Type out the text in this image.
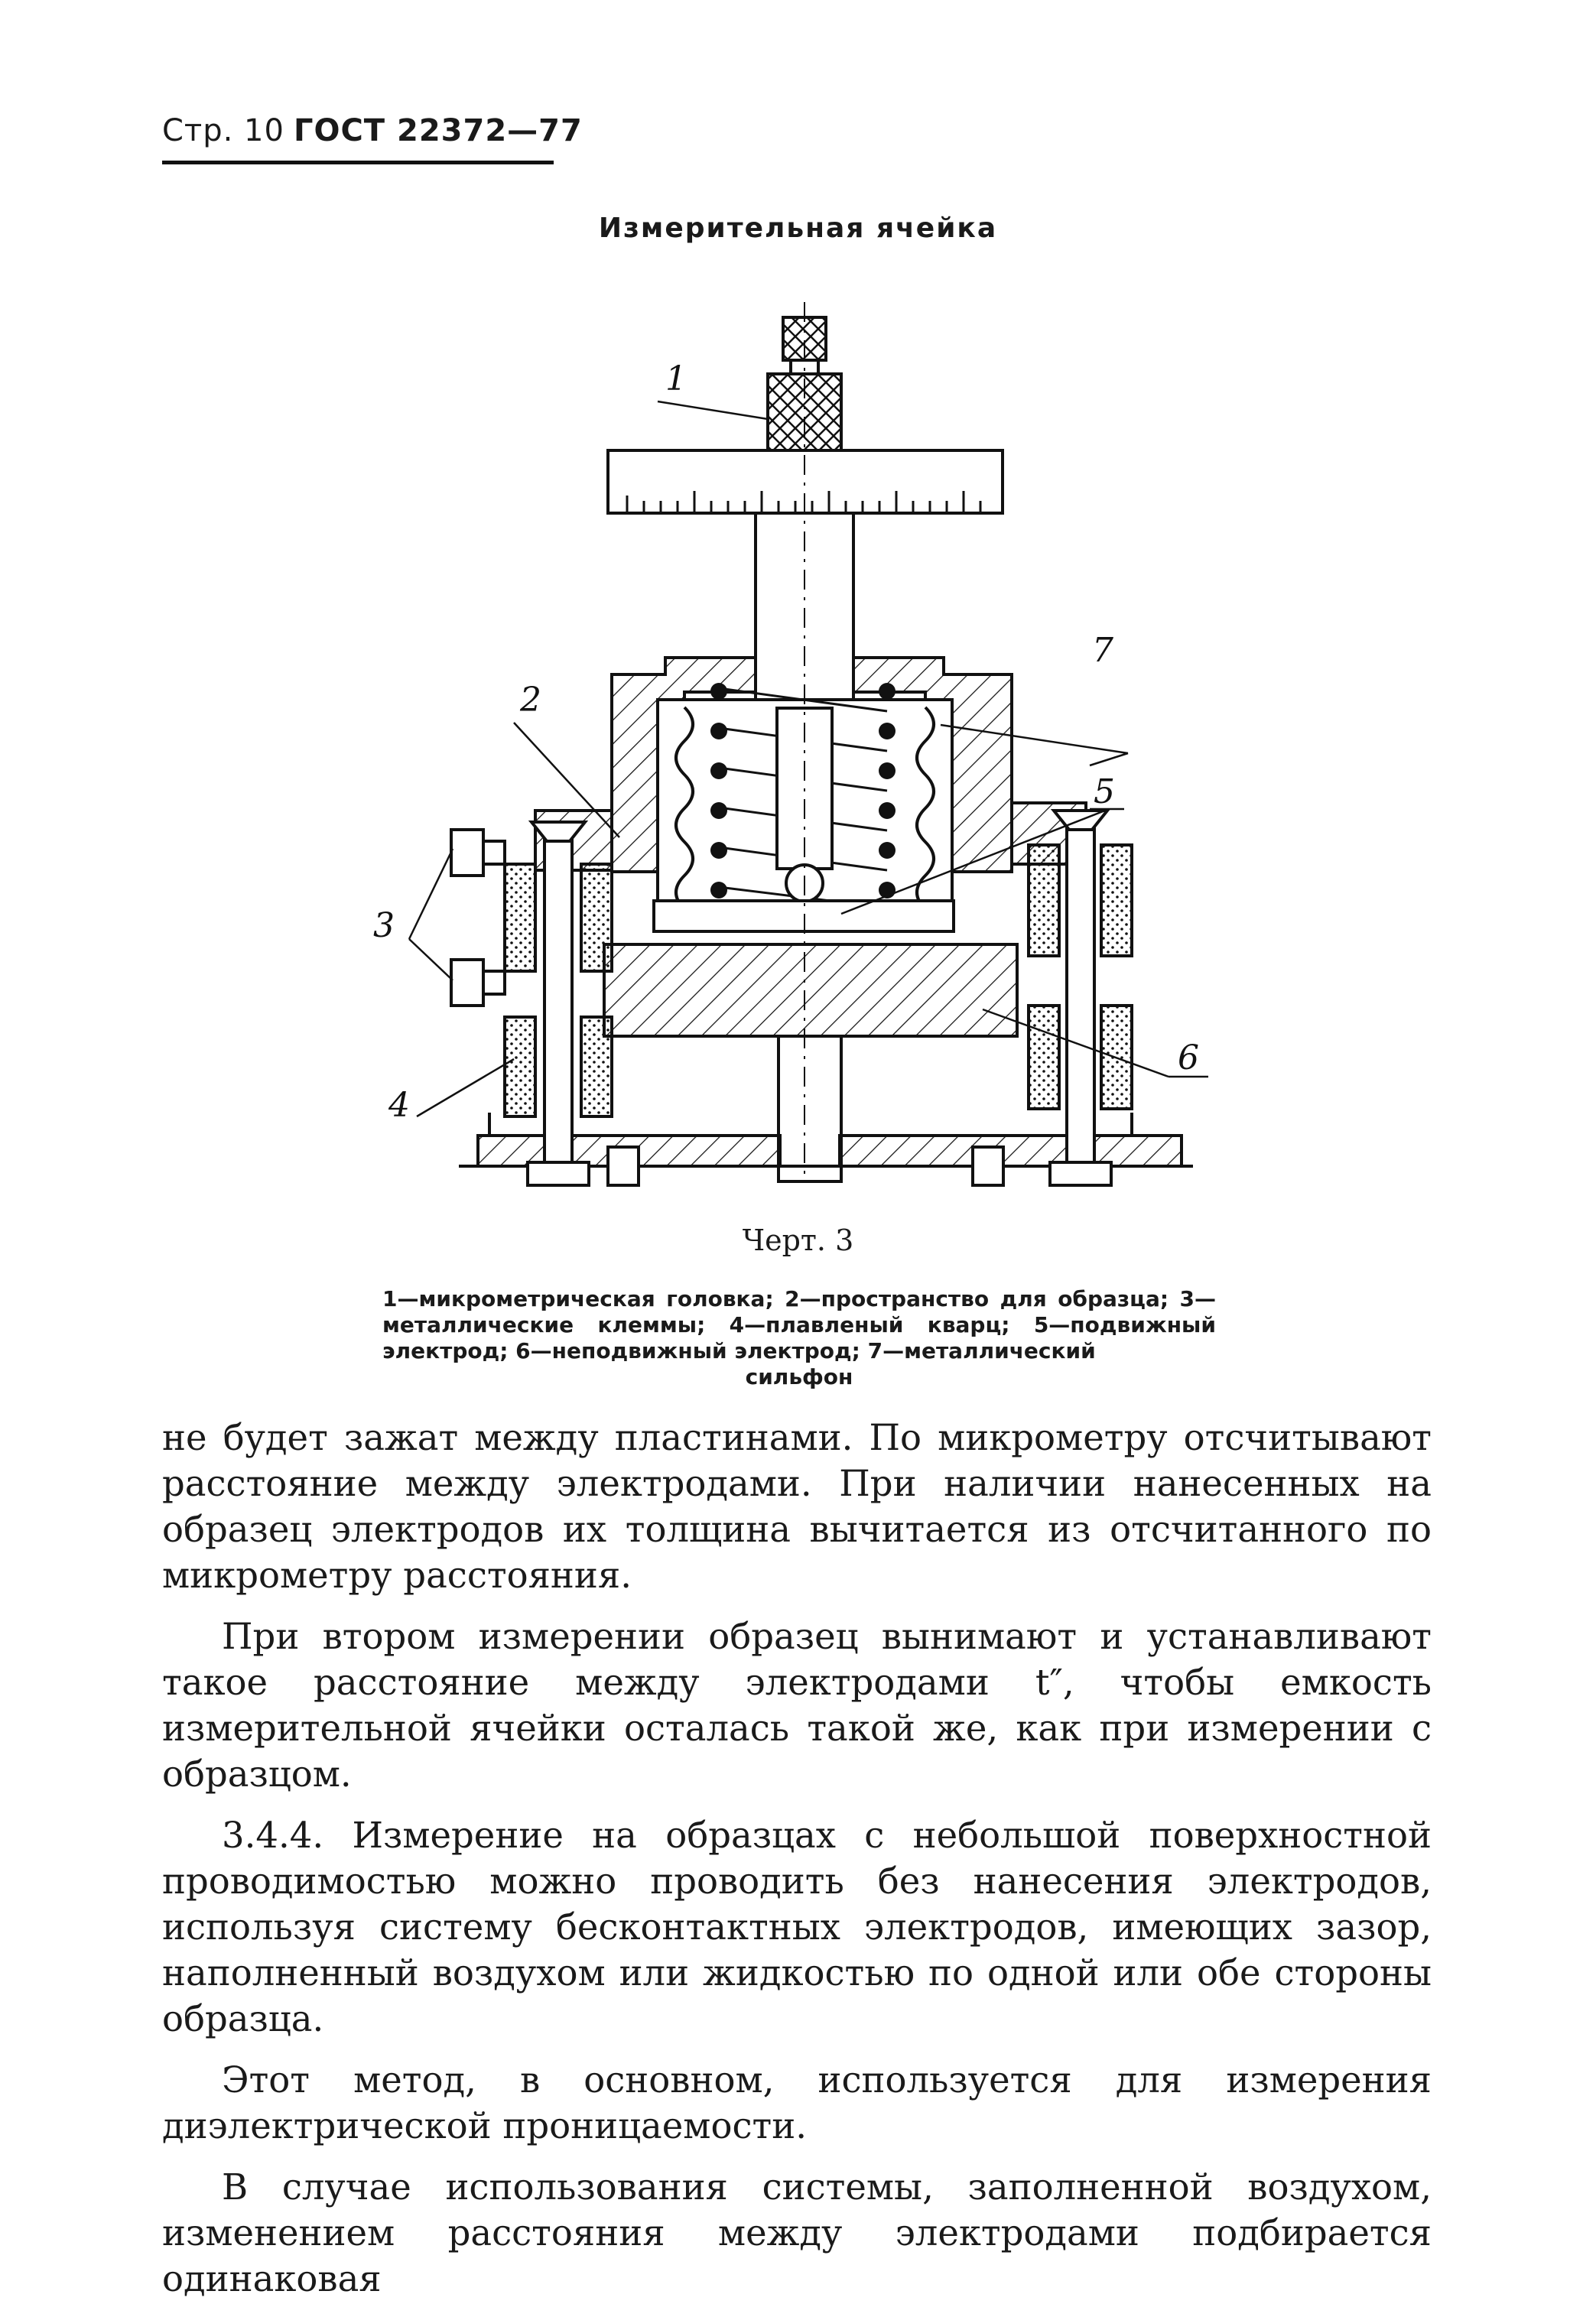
Стр. 10 ГОСТ 22372—77
Измерительная ячейка
1
2
3
4
5
6
7
Черт. 3
1—микрометрическая головка; 2—пространство для образца; 3—металлические клеммы; 4—плавленый кварц; 5—подвижный электрод; 6—неподвижный электрод; 7—металлический
сильфон

не будет зажат между пластинами. По микрометру отсчитывают расстояние между электродами. При наличии нанесенных на образец электродов их толщина вычитается из отсчитанного по микрометру расстояния.

При втором измерении образец вынимают и устанавливают такое расстояние между электродами t″, чтобы емкость измерительной ячейки осталась такой же, как при измерении с образцом.

3.4.4. Измерение на образцах с небольшой поверхностной проводимостью можно проводить без нанесения электродов, используя систему бесконтактных электродов, имеющих зазор, наполненный воздухом или жидкостью по одной или обе стороны образца.

Этот метод, в основном, используется для измерения диэлектрической проницаемости.

В случае использования системы, заполненной воздухом, изменением расстояния между электродами подбирается одинаковая
